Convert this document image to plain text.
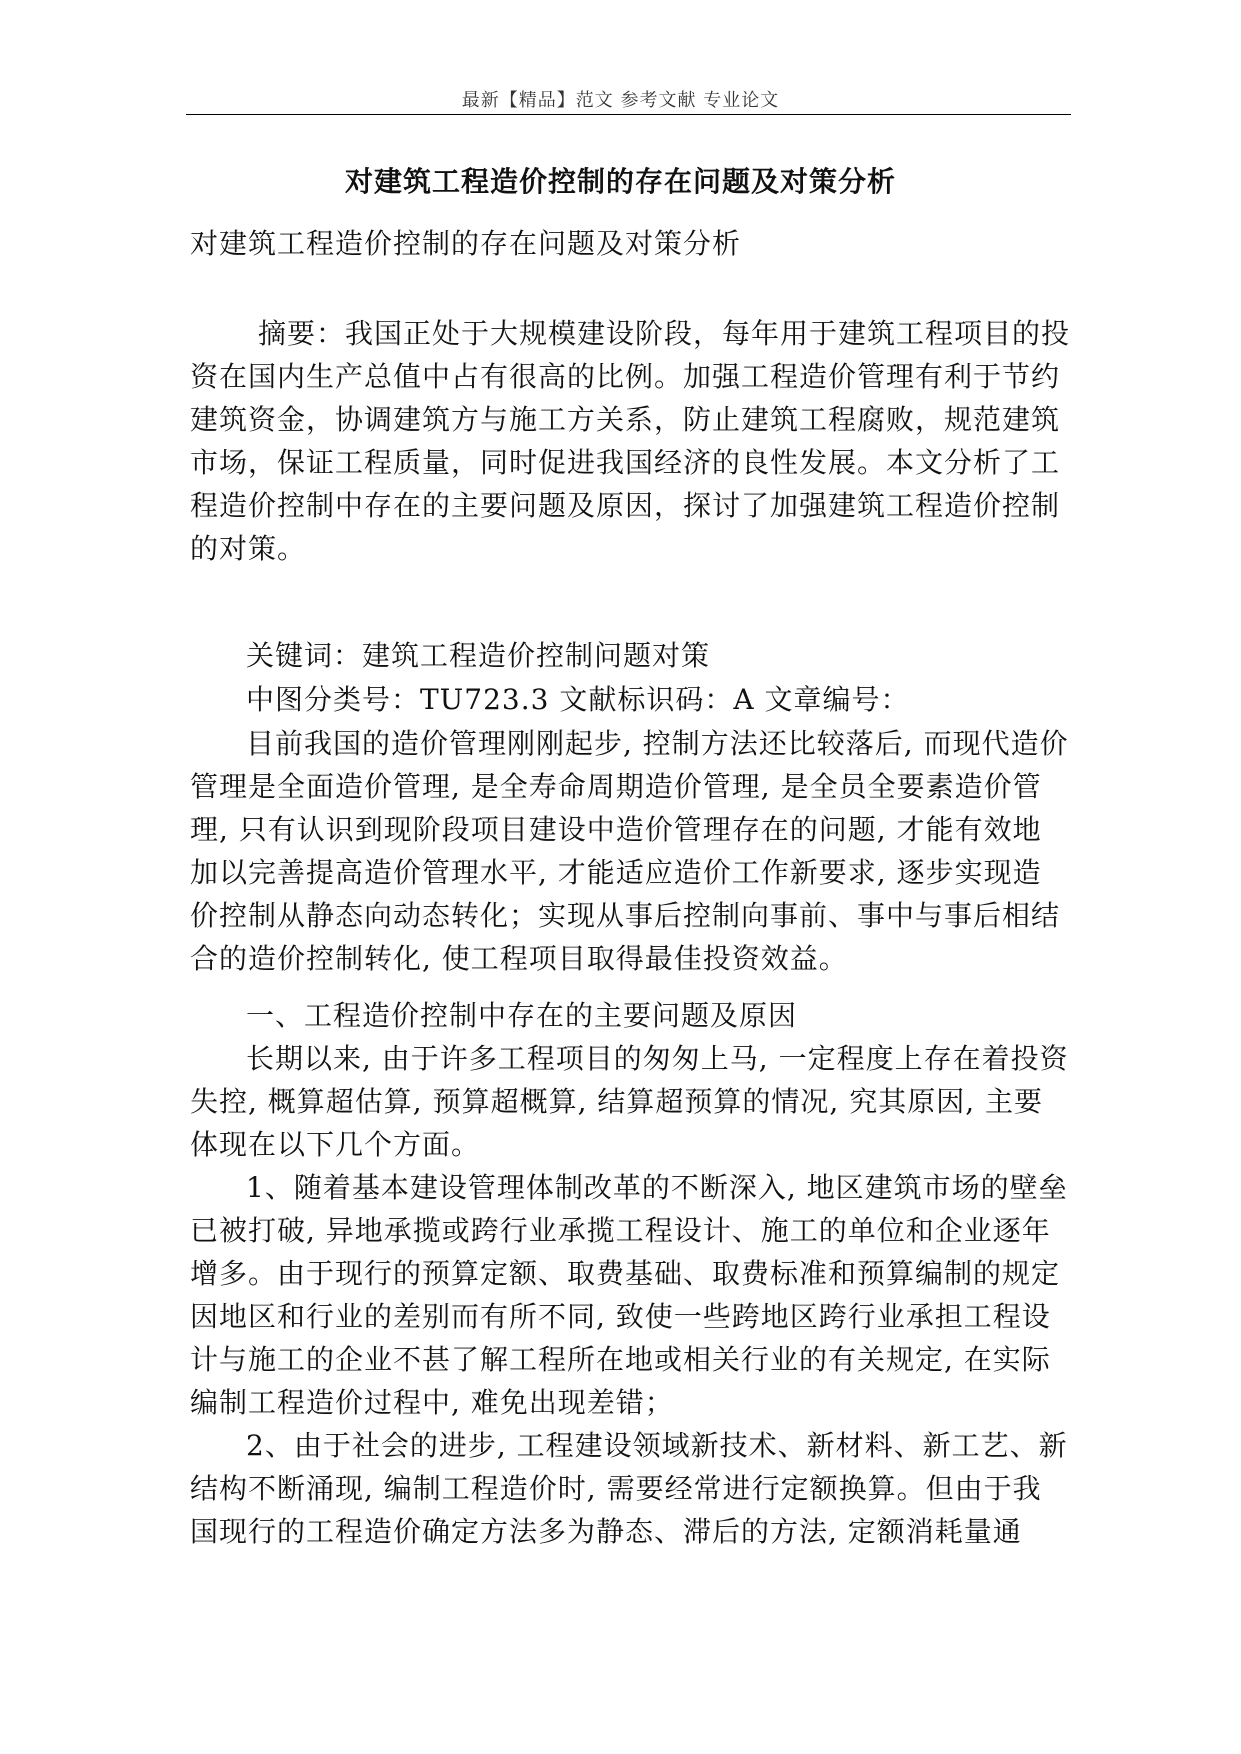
最新【精品】范文 参考文献 专业论文
对建筑工程造价控制的存在问题及对策分析

对建筑工程造价控制的存在问题及对策分析

摘要：我国正处于大规模建设阶段，每年用于建筑工程项目的投资在国内生产总值中占有很高的比例。加强工程造价管理有利于节约建筑资金，协调建筑方与施工方关系，防止建筑工程腐败，规范建筑市场，保证工程质量，同时促进我国经济的良性发展。本文分析了工程造价控制中存在的主要问题及原因，探讨了加强建筑工程造价控制的对策。

关键词：建筑工程造价控制问题对策

中图分类号：TU723.3 文献标识码：A 文章编号：

目前我国的造价管理刚刚起步, 控制方法还比较落后, 而现代造价管理是全面造价管理, 是全寿命周期造价管理, 是全员全要素造价管理, 只有认识到现阶段项目建设中造价管理存在的问题, 才能有效地加以完善提高造价管理水平, 才能适应造价工作新要求, 逐步实现造价控制从静态向动态转化；实现从事后控制向事前、事中与事后相结合的造价控制转化, 使工程项目取得最佳投资效益。

一、工程造价控制中存在的主要问题及原因

长期以来, 由于许多工程项目的匆匆上马, 一定程度上存在着投资失控, 概算超估算, 预算超概算, 结算超预算的情况, 究其原因, 主要体现在以下几个方面。

1、随着基本建设管理体制改革的不断深入, 地区建筑市场的壁垒已被打破, 异地承揽或跨行业承揽工程设计、施工的单位和企业逐年增多。由于现行的预算定额、取费基础、取费标准和预算编制的规定因地区和行业的差别而有所不同, 致使一些跨地区跨行业承担工程设计与施工的企业不甚了解工程所在地或相关行业的有关规定, 在实际编制工程造价过程中, 难免出现差错；

2、由于社会的进步, 工程建设领域新技术、新材料、新工艺、新结构不断涌现, 编制工程造价时, 需要经常进行定额换算。但由于我国现行的工程造价确定方法多为静态、滞后的方法, 定额消耗量通
